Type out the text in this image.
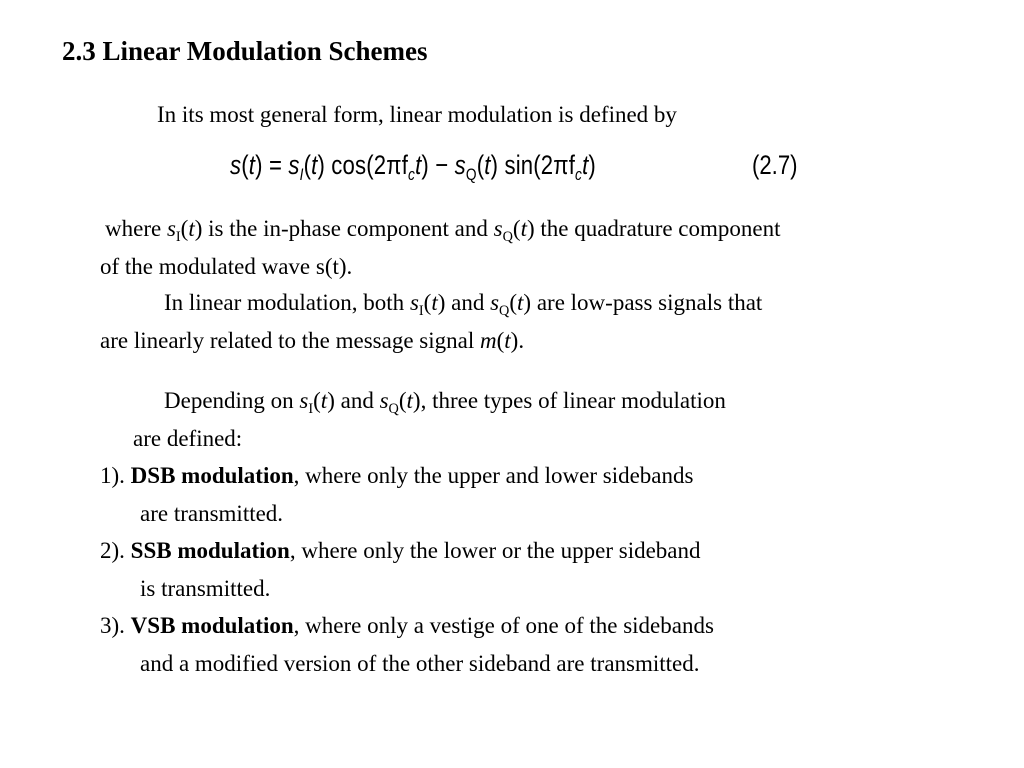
2.3 Linear Modulation Schemes
In its most general form, linear modulation is defined by
$s(t) = s_I(t) \cos(2\pi f_ct) - s_Q(t)$ $\sin(2\pi f_ct)$	(2.7)
where $s_I(t)$ is the in-phase component and $s_Q(t)$ the quadrature component
of the modulated wave s(t).
In linear modulation, both $s_I(t)$ and $s_Q(t)$ are low-pass signals that
are linearly related to the message signal m(t).
Depending on $s_I(t)$ and $s_Q(t)$, three types of linear modulation
are defined:
1). DSB modulation, where only the upper and lower sidebands
are transmitted.
2). SSB modulation, where only the lower or the upper sideband
is transmitted.
3). VSB modulation, where only a vestige of one of the sidebands
and a modified version of the other sideband are transmitted.
